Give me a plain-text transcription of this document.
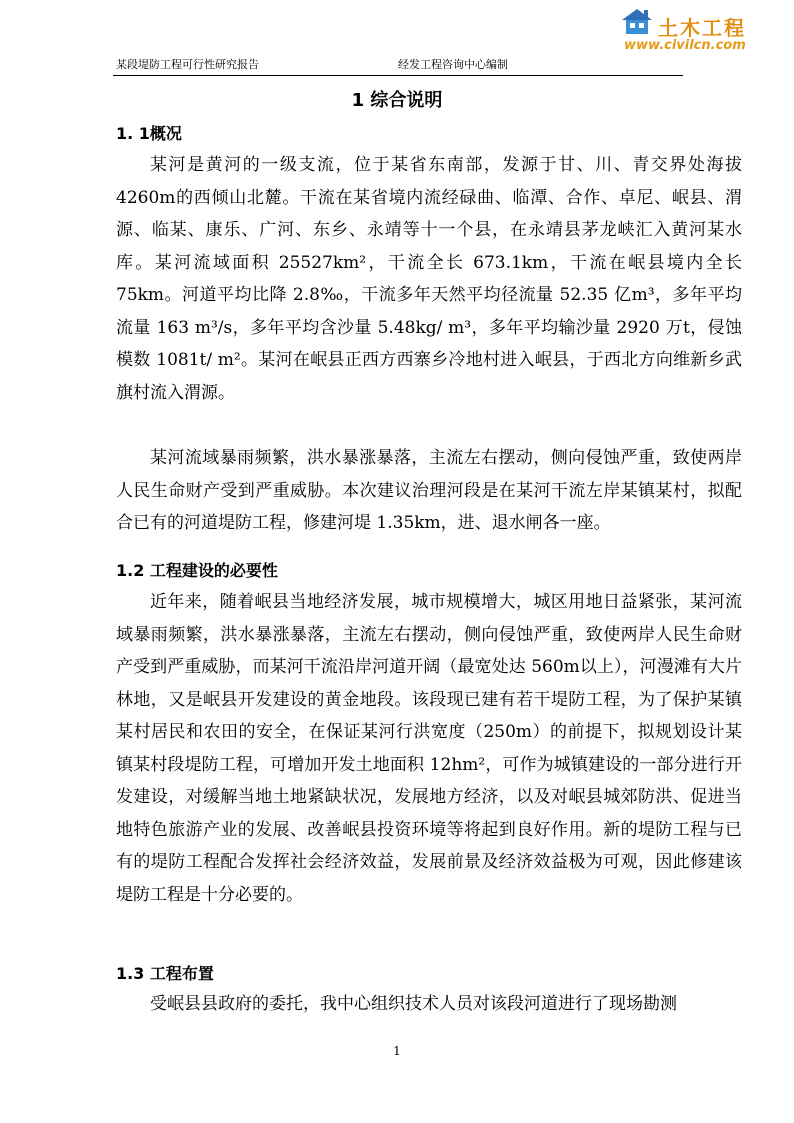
某段堤防工程可行性研究报告	经发工程咨询中心编制
土木工程
www.civilcn.com
1 综合说明
1. 1概况

某河是黄河的一级支流，位于某省东南部，发源于甘、川、青交界处海拔 4260m的西倾山北麓。干流在某省境内流经碌曲、临潭、合作、卓尼、岷县、渭源、临某、康乐、广河、东乡、永靖等十一个县，在永靖县茅龙峡汇入黄河某水库。某河流域面积 25527km²，干流全长 673.1km，干流在岷县境内全长 75km。河道平均比降 2.8‰，干流多年天然平均径流量 52.35 亿m³，多年平均流量 163 m³/s，多年平均含沙量 5.48kg/ m³，多年平均输沙量 2920 万t，侵蚀模数 1081t/ m²。某河在岷县正西方西寨乡冷地村进入岷县，于西北方向维新乡武旗村流入渭源。

某河流域暴雨频繁，洪水暴涨暴落，主流左右摆动，侧向侵蚀严重，致使两岸人民生命财产受到严重威胁。本次建议治理河段是在某河干流左岸某镇某村，拟配合已有的河道堤防工程，修建河堤 1.35km，进、退水闸各一座。

1.2 工程建设的必要性

近年来，随着岷县当地经济发展，城市规模增大，城区用地日益紧张，某河流域暴雨频繁，洪水暴涨暴落，主流左右摆动，侧向侵蚀严重，致使两岸人民生命财产受到严重威胁，而某河干流沿岸河道开阔（最宽处达 560m以上），河漫滩有大片林地，又是岷县开发建设的黄金地段。该段现已建有若干堤防工程，为了保护某镇某村居民和农田的安全，在保证某河行洪宽度（250m）的前提下，拟规划设计某镇某村段堤防工程，可增加开发土地面积 12hm²，可作为城镇建设的一部分进行开发建设，对缓解当地土地紧缺状况，发展地方经济，以及对岷县城郊防洪、促进当地特色旅游产业的发展、改善岷县投资环境等将起到良好作用。新的堤防工程与已有的堤防工程配合发挥社会经济效益，发展前景及经济效益极为可观，因此修建该堤防工程是十分必要的。

1.3 工程布置

受岷县县政府的委托，我中心组织技术人员对该段河道进行了现场勘测

1
